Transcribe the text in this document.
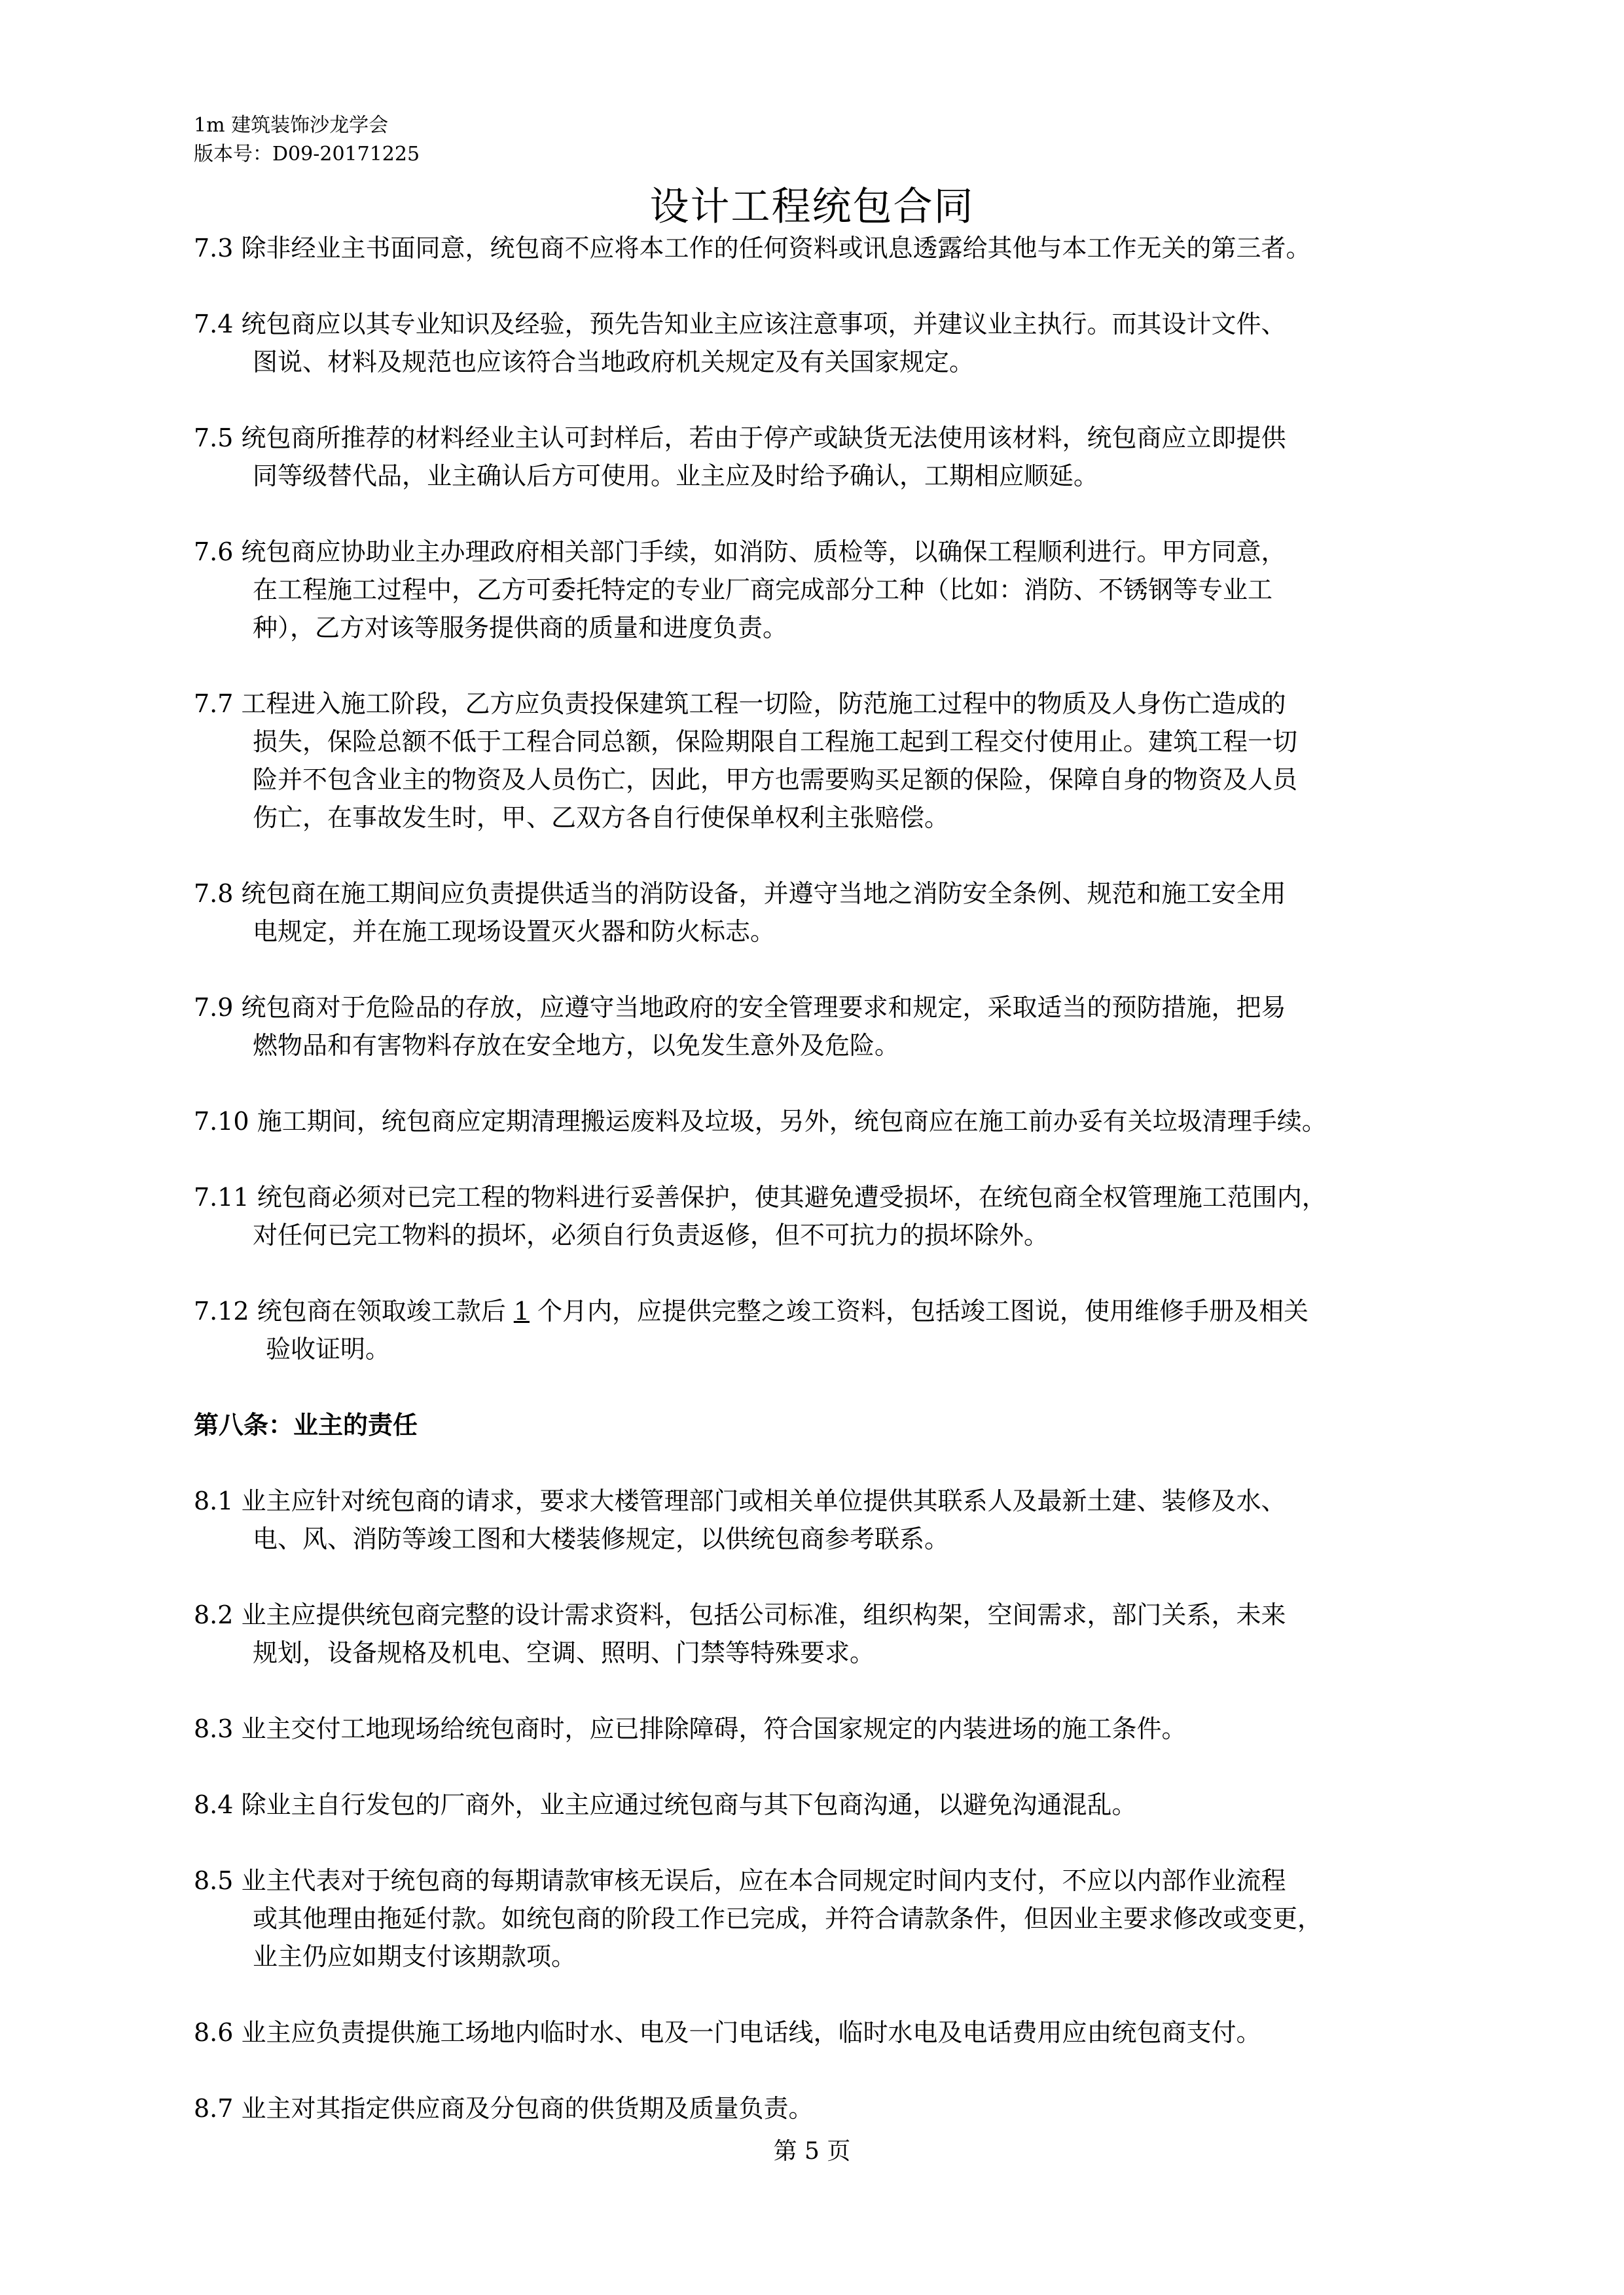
1m 建筑装饰沙龙学会
版本号：D09-20171225
设计工程统包合同
7.3 除非经业主书面同意，统包商不应将本工作的任何资料或讯息透露给其他与本工作无关的第三者。
7.4 统包商应以其专业知识及经验，预先告知业主应该注意事项，并建议业主执行。而其设计文件、
图说、材料及规范也应该符合当地政府机关规定及有关国家规定。
7.5 统包商所推荐的材料经业主认可封样后，若由于停产或缺货无法使用该材料，统包商应立即提供
同等级替代品，业主确认后方可使用。业主应及时给予确认，工期相应顺延。
7.6 统包商应协助业主办理政府相关部门手续，如消防、质检等，以确保工程顺利进行。甲方同意，
在工程施工过程中，乙方可委托特定的专业厂商完成部分工种（比如：消防、不锈钢等专业工
种），乙方对该等服务提供商的质量和进度负责。
7.7 工程进入施工阶段，乙方应负责投保建筑工程一切险，防范施工过程中的物质及人身伤亡造成的
损失，保险总额不低于工程合同总额，保险期限自工程施工起到工程交付使用止。建筑工程一切
险并不包含业主的物资及人员伤亡，因此，甲方也需要购买足额的保险，保障自身的物资及人员
伤亡，在事故发生时，甲、乙双方各自行使保单权利主张赔偿。
7.8 统包商在施工期间应负责提供适当的消防设备，并遵守当地之消防安全条例、规范和施工安全用
电规定，并在施工现场设置灭火器和防火标志。
7.9 统包商对于危险品的存放，应遵守当地政府的安全管理要求和规定，采取适当的预防措施，把易
燃物品和有害物料存放在安全地方，以免发生意外及危险。
7.10 施工期间，统包商应定期清理搬运废料及垃圾，另外，统包商应在施工前办妥有关垃圾清理手续。
7.11 统包商必须对已完工程的物料进行妥善保护，使其避免遭受损坏，在统包商全权管理施工范围内，
对任何已完工物料的损坏，必须自行负责返修，但不可抗力的损坏除外。
7.12 统包商在领取竣工款后 1 个月内，应提供完整之竣工资料，包括竣工图说，使用维修手册及相关
验收证明。
第八条：业主的责任
8.1 业主应针对统包商的请求，要求大楼管理部门或相关单位提供其联系人及最新土建、装修及水、
电、风、消防等竣工图和大楼装修规定，以供统包商参考联系。
8.2 业主应提供统包商完整的设计需求资料，包括公司标准，组织构架，空间需求，部门关系，未来
规划，设备规格及机电、空调、照明、门禁等特殊要求。
8.3 业主交付工地现场给统包商时，应已排除障碍，符合国家规定的内装进场的施工条件。
8.4 除业主自行发包的厂商外，业主应通过统包商与其下包商沟通，以避免沟通混乱。
8.5 业主代表对于统包商的每期请款审核无误后，应在本合同规定时间内支付，不应以内部作业流程
或其他理由拖延付款。如统包商的阶段工作已完成，并符合请款条件，但因业主要求修改或变更，
业主仍应如期支付该期款项。
8.6 业主应负责提供施工场地内临时水、电及一门电话线，临时水电及电话费用应由统包商支付。
8.7 业主对其指定供应商及分包商的供货期及质量负责。
第 5 页
